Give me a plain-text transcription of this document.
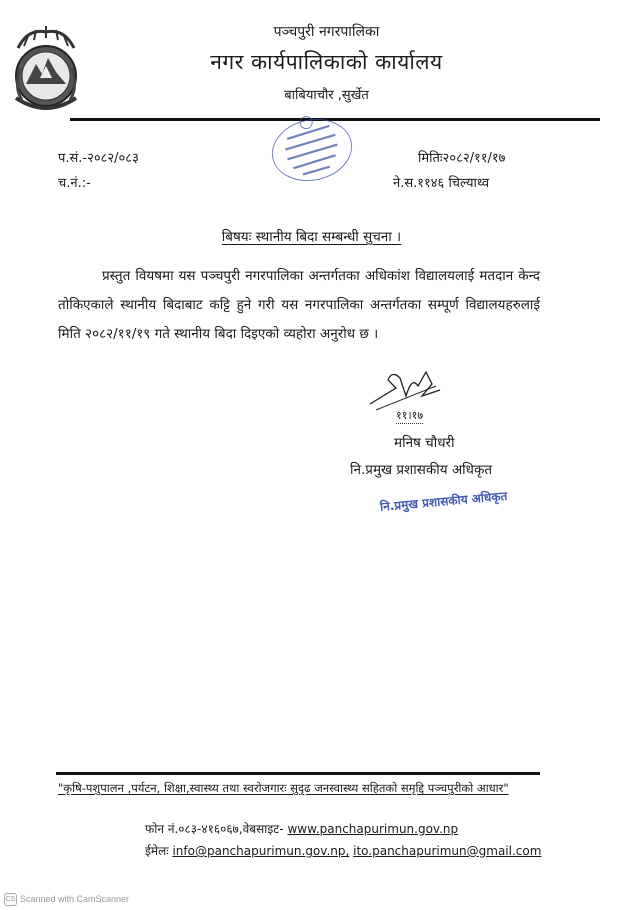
पञ्चपुरी नगरपालिका
नगर कार्यपालिकाको कार्यालय
बाबियाचौर ,सुर्खेत
प.सं.-२०८२/०८३
च.नं.:-
मितिः२०८२/११/१७
ने.स.११४६ चिल्याथ्व
बिषयः स्थानीय बिदा सम्बन्धी सुचना ।
प्रस्तुत वियषमा यस पञ्चपुरी नगरपालिका अन्तर्गतका अधिकांश विद्यालयलाई मतदान केन्द तोकिएकाले स्थानीय बिदाबाट कट्टि हुने गरी यस नगरपालिका अन्तर्गतका सम्पूर्ण विद्यालयहरुलाई मिति २०८२/११/१९ गते स्थानीय बिदा दिइएको व्यहोरा अनुरोध छ ।
११।१७
मनिष चौधरी
नि.प्रमुख प्रशासकीय अधिकृत
नि.प्रमुख प्रशासकीय अधिकृत
"कृषि-पशुपालन ,पर्यटन, शिक्षा,स्वास्थ्य तथा स्वरोजगारः सुदृढ जनस्वास्थ्य सहितको समृद्दि पञ्चपुरीको आधार"
फोन नं.०८३-४१६०६७,वेबसाइट- www.panchapurimun.gov.np
ईमेलः info@panchapurimun.gov.np, ito.panchapurimun@gmail.com
CS Scanned with CamScanner
